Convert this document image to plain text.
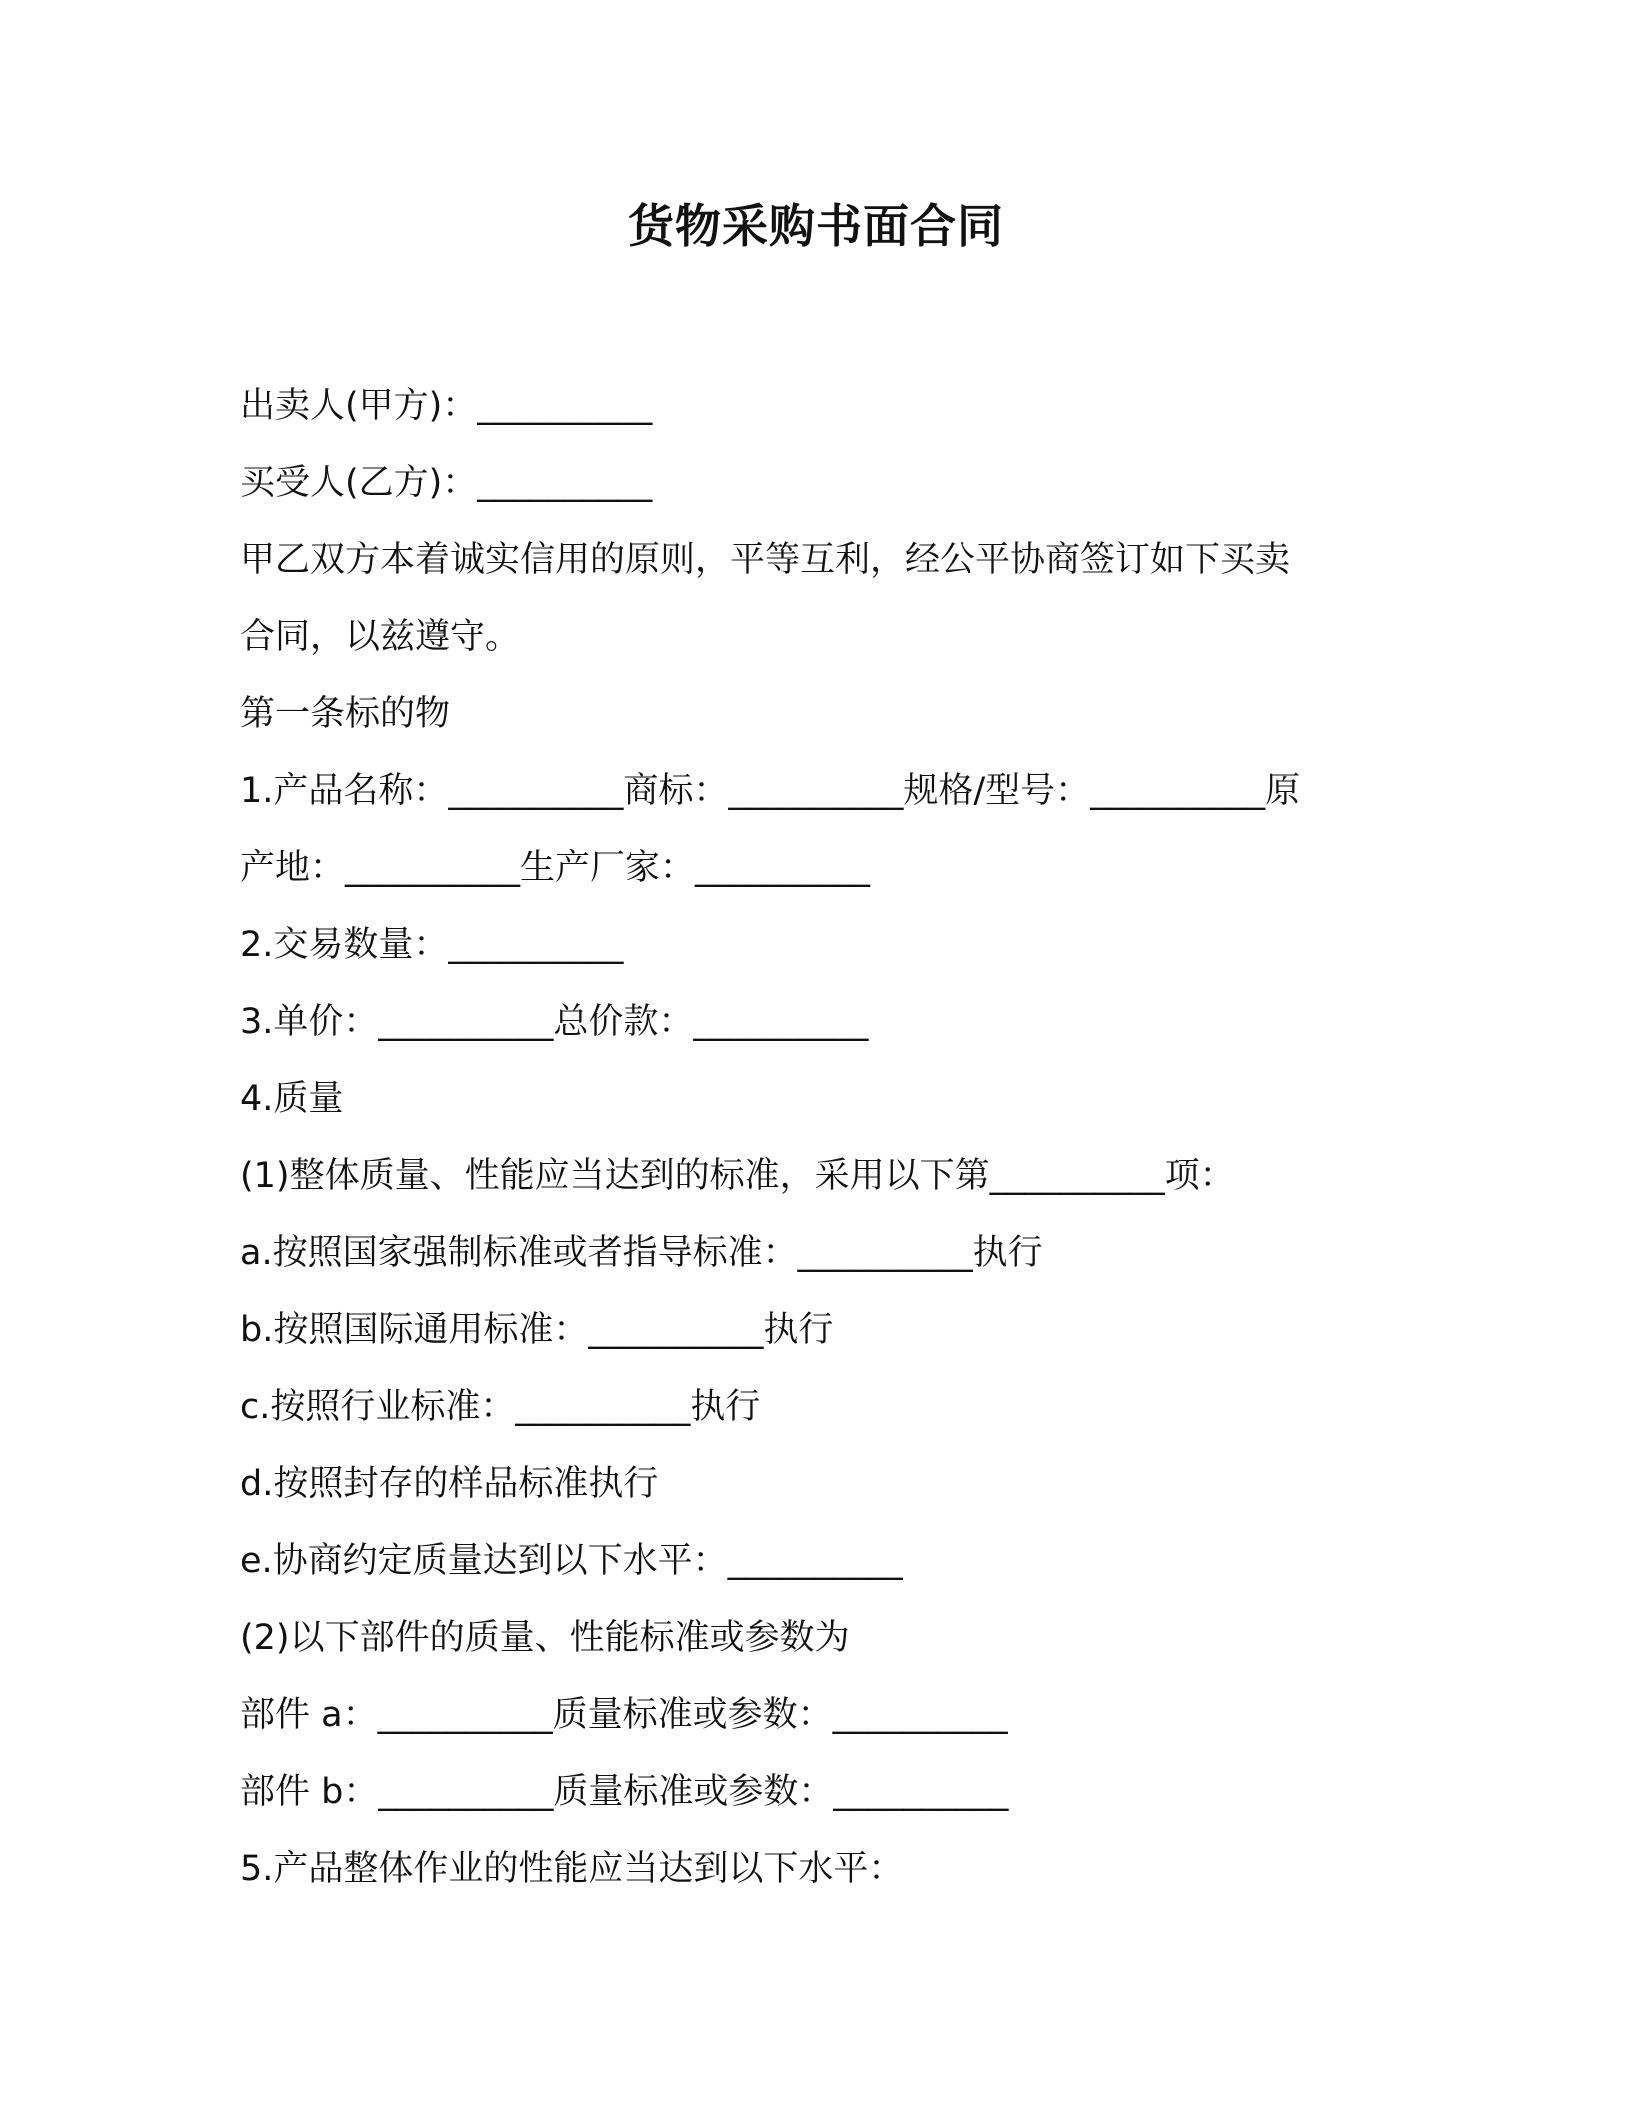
货物采购书面合同

出卖人(甲方)：__________

买受人(乙方)：__________

甲乙双方本着诚实信用的原则，平等互利，经公平协商签订如下买卖

合同，以兹遵守。

第一条标的物

1.产品名称：__________商标：__________规格/型号：__________原

产地：__________生产厂家：__________

2.交易数量：__________

3.单价：__________总价款：__________

4.质量

(1)整体质量、性能应当达到的标准，采用以下第__________项：

a.按照国家强制标准或者指导标准：__________执行

b.按照国际通用标准：__________执行

c.按照行业标准：__________执行

d.按照封存的样品标准执行

e.协商约定质量达到以下水平：__________

(2)以下部件的质量、性能标准或参数为

部件 a：__________质量标准或参数：__________

部件 b：__________质量标准或参数：__________

5.产品整体作业的性能应当达到以下水平：
